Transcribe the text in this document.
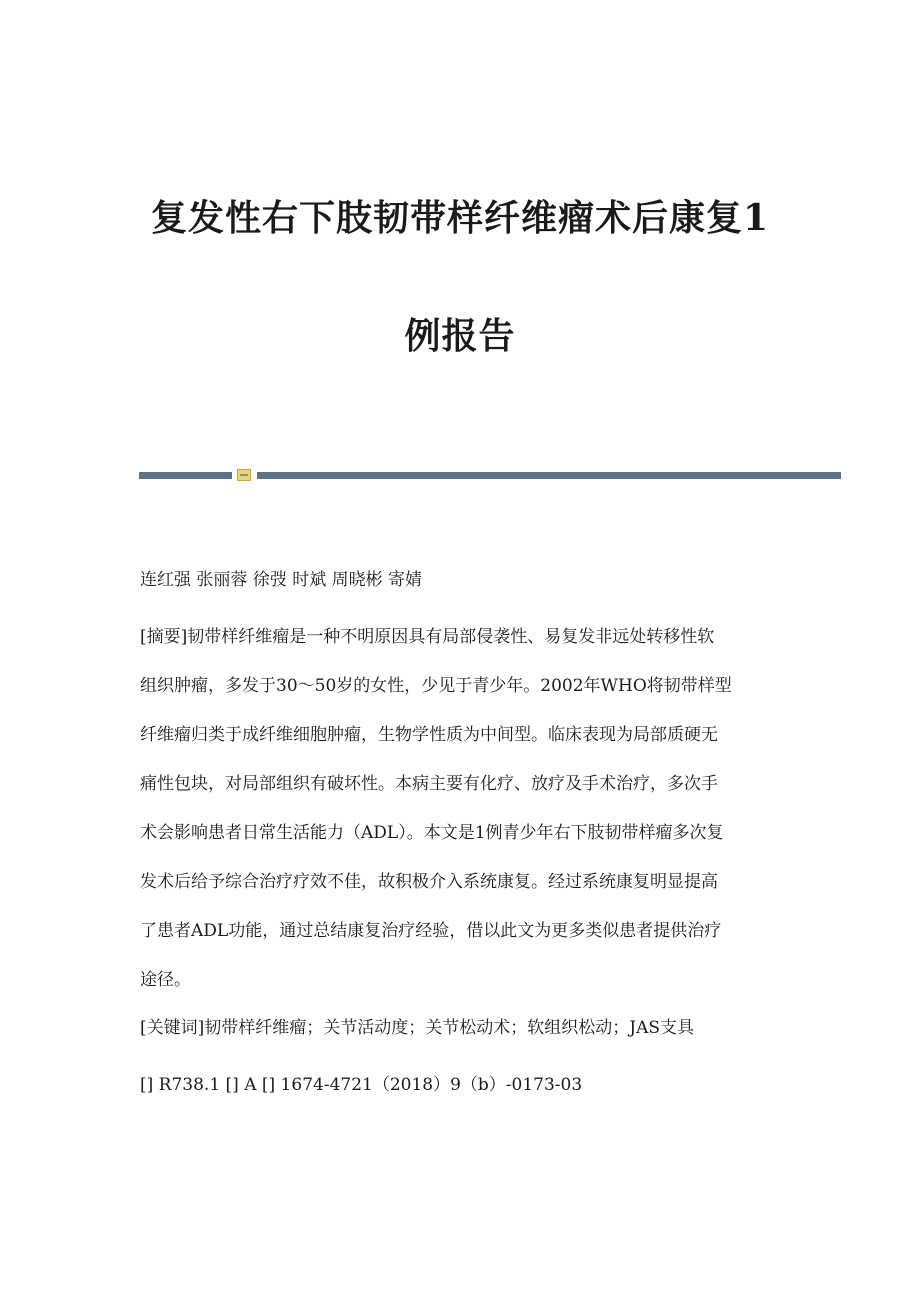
复发性右下肢韧带样纤维瘤术后康复1
例报告

连红强 张丽蓉 徐弢 时斌 周晓彬 寄婧

[摘要]韧带样纤维瘤是一种不明原因具有局部侵袭性、易复发非远处转移性软

组织肿瘤，多发于30～50岁的女性，少见于青少年。2002年WHO将韧带样型

纤维瘤归类于成纤维细胞肿瘤，生物学性质为中间型。临床表现为局部质硬无

痛性包块，对局部组织有破坏性。本病主要有化疗、放疗及手术治疗，多次手

术会影响患者日常生活能力（ADL）。本文是1例青少年右下肢韧带样瘤多次复

发术后给予综合治疗疗效不佳，故积极介入系统康复。经过系统康复明显提高

了患者ADL功能，通过总结康复治疗经验，借以此文为更多类似患者提供治疗

途径。

[关键词]韧带样纤维瘤；关节活动度；关节松动术；软组织松动；JAS支具

[] R738.1 [] A [] 1674-4721（2018）9（b）-0173-03
